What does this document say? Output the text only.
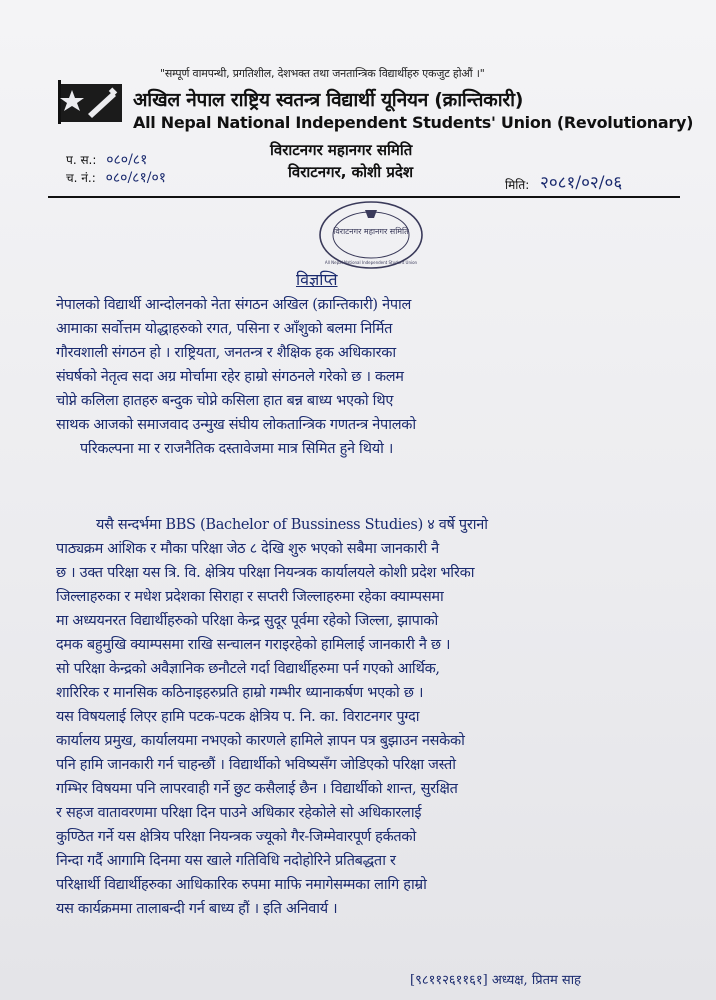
"सम्पूर्ण वामपन्थी, प्रगतिशील, देशभक्त तथा जनतान्त्रिक विद्यार्थीहरु एकजुट होऔं ।"
अखिल नेपाल राष्ट्रिय स्वतन्त्र विद्यार्थी यूनियन (क्रान्तिकारी)
All Nepal National Independent Students' Union (Revolutionary)
विराटनगर महानगर समिति
विराटनगर, कोशी प्रदेश
प. स.: ०८०/८१
च. नं.: ०८०/८१/०१	मिति: २०८१/०२/०६
विराटनगर महानगर समिति
All Nepal National Independent Student Union
विज्ञप्ति
नेपालको विद्यार्थी आन्दोलनको नेता संगठन अखिल (क्रान्तिकारी) नेपाल
आमाका सर्वोत्तम योद्धाहरुको रगत, पसिना र आँशुको बलमा निर्मित
गौरवशाली संगठन हो । राष्ट्रियता, जनतन्त्र र शैक्षिक हक अधिकारका
संघर्षको नेतृत्व सदा अग्र मोर्चामा रहेर हाम्रो संगठनले गरेको छ । कलम
चोप्ने कलिला हातहरु बन्दुक चोप्ने कसिला हात बन्न बाध्य भएको थिए
साथक आजको समाजवाद उन्मुख संघीय लोकतान्त्रिक गणतन्त्र नेपालको
परिकल्पना मा र राजनैतिक दस्तावेजमा मात्र सिमित हुने थियो ।
यसै सन्दर्भमा BBS (Bachelor of Bussiness Studies) ४ वर्षे पुरानो
पाठ्यक्रम आंशिक र मौका परिक्षा जेठ ८ देखि शुरु भएको सबैमा जानकारी नै
छ । उक्त परिक्षा यस त्रि. वि. क्षेत्रिय परिक्षा नियन्त्रक कार्यालयले कोशी प्रदेश भरिका
जिल्लाहरुका र मधेश प्रदेशका सिराहा र सप्तरी जिल्लाहरुमा रहेका क्याम्पसमा
मा अध्ययनरत विद्यार्थीहरुको परिक्षा केन्द्र सुदूर पूर्वमा रहेको जिल्ला, झापाको
दमक बहुमुखि क्याम्पसमा राखि सन्चालन गराइरहेको हामिलाई जानकारी नै छ ।
सो परिक्षा केन्द्रको अवैज्ञानिक छनौटले गर्दा विद्यार्थीहरुमा पर्न गएको आर्थिक,
शारिरिक र मानसिक कठिनाइहरुप्रति हाम्रो गम्भीर ध्यानाकर्षण भएको छ ।
यस विषयलाई लिएर हामि पटक-पटक क्षेत्रिय प. नि. का. विराटनगर पुग्दा
कार्यालय प्रमुख, कार्यालयमा नभएको कारणले हामिले ज्ञापन पत्र बुझाउन नसकेको
पनि हामि जानकारी गर्न चाहन्छौं । विद्यार्थीको भविष्यसँग जोडिएको परिक्षा जस्तो
गम्भिर विषयमा पनि लापरवाही गर्ने छुट कसैलाई छैन । विद्यार्थीको शान्त, सुरक्षित
र सहज वातावरणमा परिक्षा दिन पाउने अधिकार रहेकोले सो अधिकारलाई
कुण्ठित गर्ने यस क्षेत्रिय परिक्षा नियन्त्रक ज्यूको गैर-जिम्मेवारपूर्ण हर्कतको
निन्दा गर्दै आगामि दिनमा यस खाले गतिविधि नदोहोरिने प्रतिबद्धता र
परिक्षार्थी विद्यार्थीहरुका आधिकारिक रुपमा माफि नमागेसम्मका लागि हाम्रो
यस कार्यक्रममा तालाबन्दी गर्न बाध्य हौं । इति अनिवार्य ।
[९८११२६११६१] अध्यक्ष, प्रितम साह
